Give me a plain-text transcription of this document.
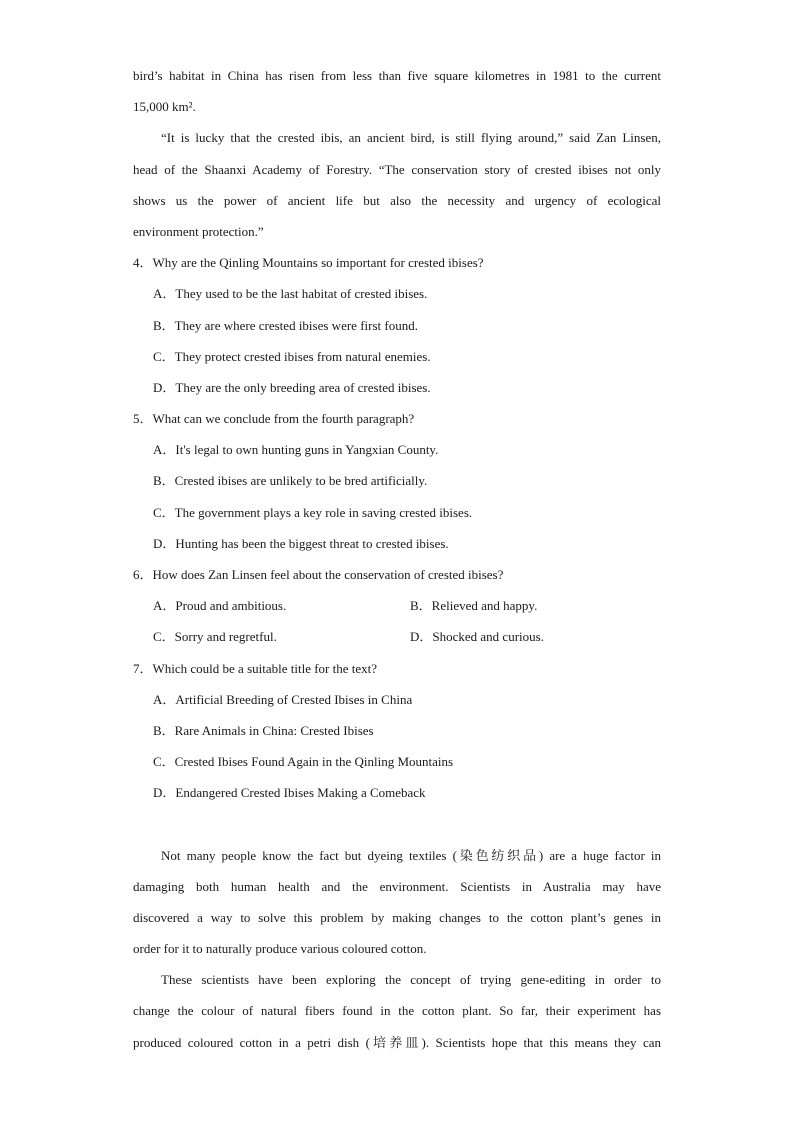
bird’s habitat in China has risen from less than five square kilometres in 1981 to the current
15,000 km².
“It is lucky that the crested ibis, an ancient bird, is still flying around,” said Zan Linsen,
head of the Shaanxi Academy of Forestry. “The conservation story of crested ibises not only
shows us the power of ancient life but also the necessity and urgency of ecological
environment protection.”
4．Why are the Qinling Mountains so important for crested ibises?
A．They used to be the last habitat of crested ibises.
B．They are where crested ibises were first found.
C．They protect crested ibises from natural enemies.
D．They are the only breeding area of crested ibises.
5．What can we conclude from the fourth paragraph?
A．It's legal to own hunting guns in Yangxian County.
B．Crested ibises are unlikely to be bred artificially.
C．The government plays a key role in saving crested ibises.
D．Hunting has been the biggest threat to crested ibises.
6．How does Zan Linsen feel about the conservation of crested ibises?
A．Proud and ambitious.	B．Relieved and happy.
C．Sorry and regretful.	D．Shocked and curious.
7．Which could be a suitable title for the text?
A．Artificial Breeding of Crested Ibises in China
B．Rare Animals in China: Crested Ibises
C．Crested Ibises Found Again in the Qinling Mountains
D．Endangered Crested Ibises Making a Comeback
Not many people know the fact but dyeing textiles (染色纺织品) are a huge factor in
damaging both human health and the environment. Scientists in Australia may have
discovered a way to solve this problem by making changes to the cotton plant’s genes in
order for it to naturally produce various coloured cotton.
These scientists have been exploring the concept of trying gene-editing in order to
change the colour of natural fibers found in the cotton plant. So far, their experiment has
produced coloured cotton in a petri dish (培养皿). Scientists hope that this means they can
